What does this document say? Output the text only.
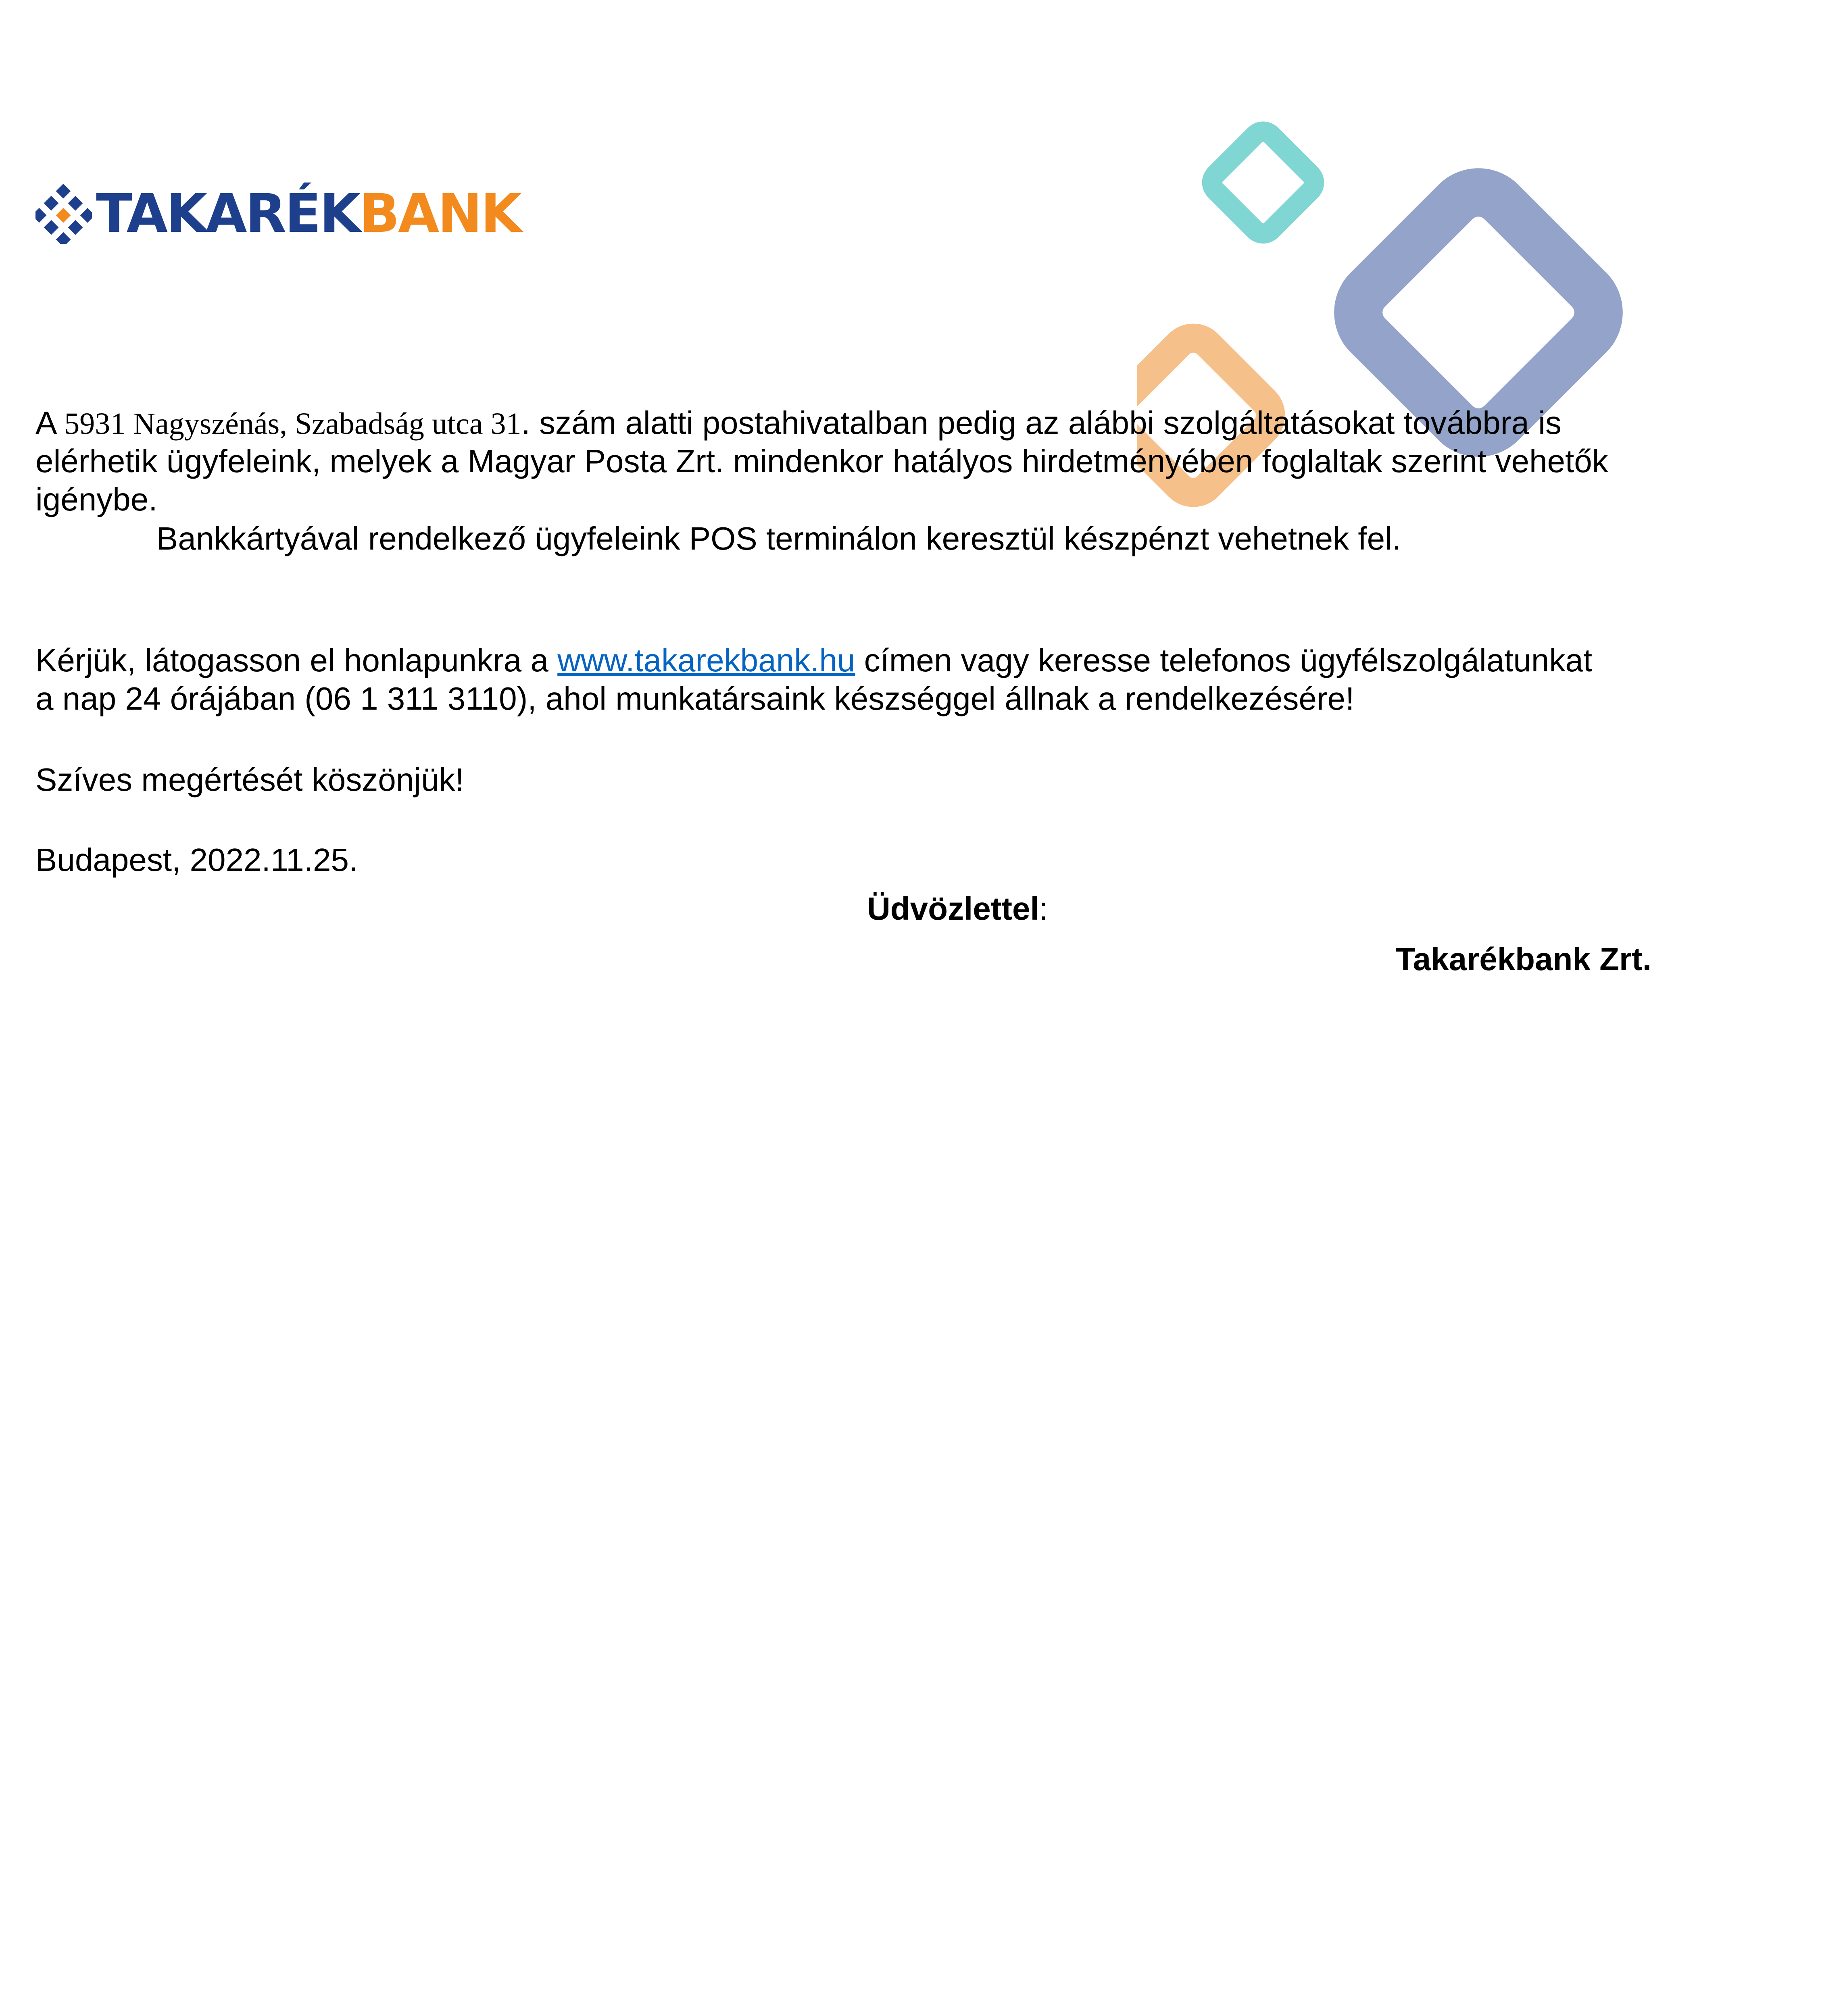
TAKARÉKBANK
A 5931 Nagyszénás, Szabadság utca 31. szám alatti postahivatalban pedig az alábbi szolgáltatásokat továbbra is
elérhetik ügyfeleink, melyek a Magyar Posta Zrt. mindenkor hatályos hirdetményében foglaltak szerint vehetők
igénybe.
Bankkártyával rendelkező ügyfeleink POS terminálon keresztül készpénzt vehetnek fel.
Kérjük, látogasson el honlapunkra a www.takarekbank.hu címen vagy keresse telefonos ügyfélszolgálatunkat
a nap 24 órájában (06 1 311 3110), ahol munkatársaink készséggel állnak a rendelkezésére!
Szíves megértését köszönjük!
Budapest, 2022.11.25.
Üdvözlettel:
Takarékbank Zrt.
